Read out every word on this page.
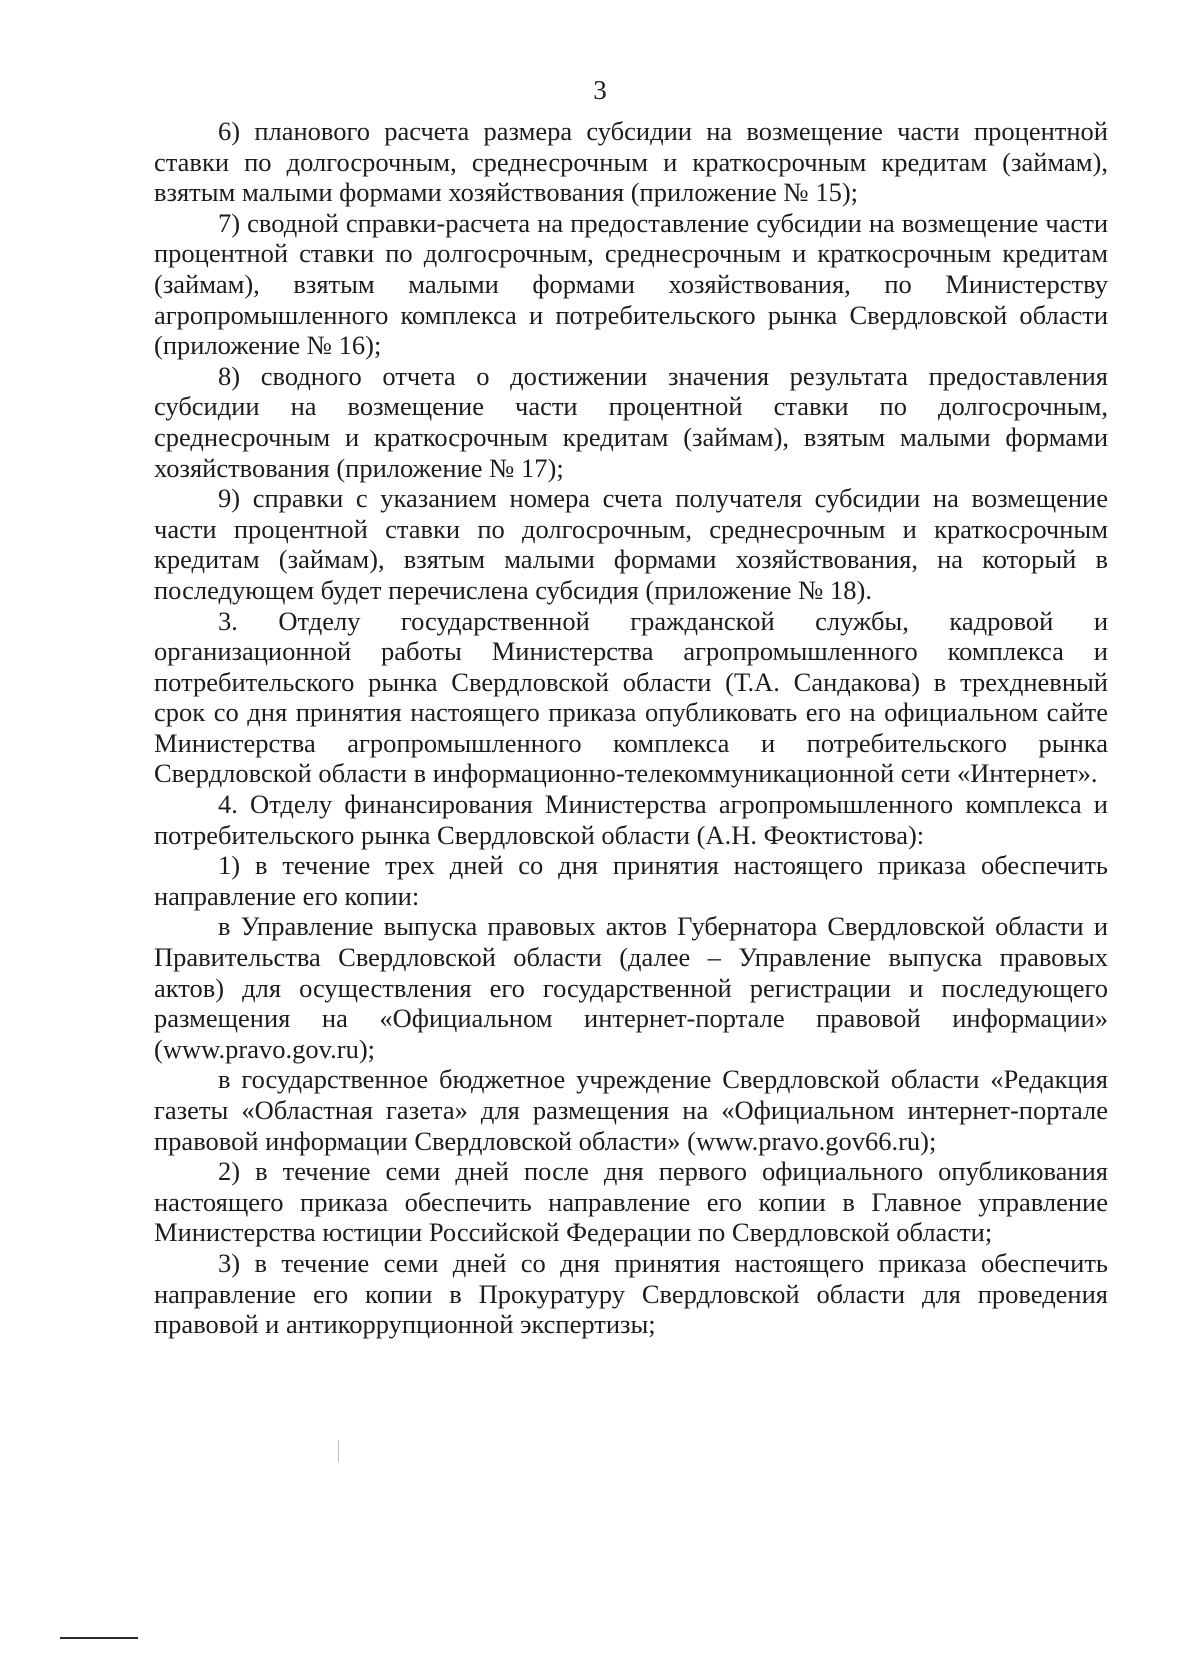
3

6) планового расчета размера субсидии на возмещение части процентной ставки по долгосрочным, среднесрочным и краткосрочным кредитам (займам), взятым малыми формами хозяйствования (приложение № 15);

7) сводной справки-расчета на предоставление субсидии на возмещение части процентной ставки по долгосрочным, среднесрочным и краткосрочным кредитам (займам), взятым малыми формами хозяйствования, по Министерству агропромышленного комплекса и потребительского рынка Свердловской области (приложение № 16);

8) сводного отчета о достижении значения результата предоставления субсидии на возмещение части процентной ставки по долгосрочным, среднесрочным и краткосрочным кредитам (займам), взятым малыми формами хозяйствования (приложение № 17);

9) справки с указанием номера счета получателя субсидии на возмещение части процентной ставки по долгосрочным, среднесрочным и краткосрочным кредитам (займам), взятым малыми формами хозяйствования, на который в последующем будет перечислена субсидия (приложение № 18).

3. Отделу государственной гражданской службы, кадровой и организационной работы Министерства агропромышленного комплекса и потребительского рынка Свердловской области (Т.А. Сандакова) в трехдневный срок со дня принятия настоящего приказа опубликовать его на официальном сайте Министерства агропромышленного комплекса и потребительского рынка Свердловской области в информационно-телекоммуникационной сети «Интернет».

4. Отделу финансирования Министерства агропромышленного комплекса и потребительского рынка Свердловской области (А.Н. Феоктистова):

1) в течение трех дней со дня принятия настоящего приказа обеспечить направление его копии:

в Управление выпуска правовых актов Губернатора Свердловской области и Правительства Свердловской области (далее – Управление выпуска правовых актов) для осуществления его государственной регистрации и последующего размещения на «Официальном интернет-портале правовой информации» (www.pravo.gov.ru);

в государственное бюджетное учреждение Свердловской области «Редакция газеты «Областная газета» для размещения на «Официальном интернет-портале правовой информации Свердловской области» (www.pravo.gov66.ru);

2) в течение семи дней после дня первого официального опубликования настоящего приказа обеспечить направление его копии в Главное управление Министерства юстиции Российской Федерации по Свердловской области;

3) в течение семи дней со дня принятия настоящего приказа обеспечить направление его копии в Прокуратуру Свердловской области для проведения правовой и антикоррупционной экспертизы;
